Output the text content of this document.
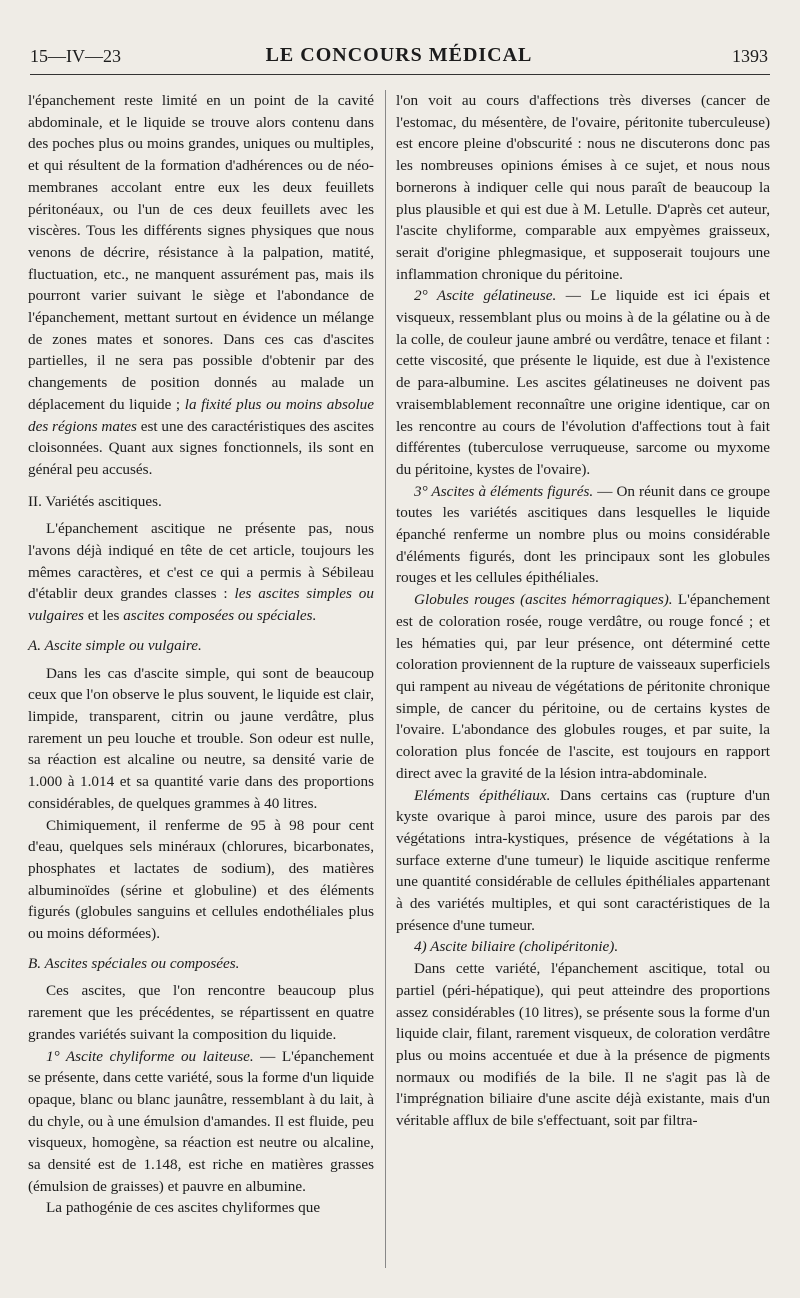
15—IV—23	LE CONCOURS MÉDICAL	1393

l'épanchement reste limité en un point de la cavité abdominale, et le liquide se trouve alors contenu dans des poches plus ou moins grandes, uniques ou multiples, et qui résultent de la formation d'adhérences ou de néo-membranes accolant entre eux les deux feuillets péritonéaux, ou l'un de ces deux feuillets avec les viscères. Tous les différents signes physiques que nous venons de décrire, résistance à la palpation, matité, fluctuation, etc., ne manquent assurément pas, mais ils pourront varier suivant le siège et l'abondance de l'épanchement, mettant surtout en évidence un mélange de zones mates et sonores. Dans ces cas d'ascites partielles, il ne sera pas possible d'obtenir par des changements de position donnés au malade un déplacement du liquide ; la fixité plus ou moins absolue des régions mates est une des caractéristiques des ascites cloisonnées. Quant aux signes fonctionnels, ils sont en général peu accusés.

II. Variétés ascitiques.

L'épanchement ascitique ne présente pas, nous l'avons déjà indiqué en tête de cet article, toujours les mêmes caractères, et c'est ce qui a permis à Sébileau d'établir deux grandes classes : les ascites simples ou vulgaires et les ascites composées ou spéciales.

A. Ascite simple ou vulgaire.

Dans les cas d'ascite simple, qui sont de beaucoup ceux que l'on observe le plus souvent, le liquide est clair, limpide, transparent, citrin ou jaune verdâtre, plus rarement un peu louche et trouble. Son odeur est nulle, sa réaction est alcaline ou neutre, sa densité varie de 1.000 à 1.014 et sa quantité varie dans des proportions considérables, de quelques grammes à 40 litres.

Chimiquement, il renferme de 95 à 98 pour cent d'eau, quelques sels minéraux (chlorures, bicarbonates, phosphates et lactates de sodium), des matières albuminoïdes (sérine et globuline) et des éléments figurés (globules sanguins et cellules endothéliales plus ou moins déformées).

B. Ascites spéciales ou composées.

Ces ascites, que l'on rencontre beaucoup plus rarement que les précédentes, se répartissent en quatre grandes variétés suivant la composition du liquide.

1° Ascite chyliforme ou laiteuse. — L'épanchement se présente, dans cette variété, sous la forme d'un liquide opaque, blanc ou blanc jaunâtre, ressemblant à du lait, à du chyle, ou à une émulsion d'amandes. Il est fluide, peu visqueux, homogène, sa réaction est neutre ou alcaline, sa densité est de 1.148, est riche en matières grasses (émulsion de graisses) et pauvre en albumine.

La pathogénie de ces ascites chyliformes que

l'on voit au cours d'affections très diverses (cancer de l'estomac, du mésentère, de l'ovaire, péritonite tuberculeuse) est encore pleine d'obscurité : nous ne discuterons donc pas les nombreuses opinions émises à ce sujet, et nous nous bornerons à indiquer celle qui nous paraît de beaucoup la plus plausible et qui est due à M. Letulle. D'après cet auteur, l'ascite chyliforme, comparable aux empyèmes graisseux, serait d'origine phlegmasique, et supposerait toujours une inflammation chronique du péritoine.

2° Ascite gélatineuse. — Le liquide est ici épais et visqueux, ressemblant plus ou moins à de la gélatine ou à de la colle, de couleur jaune ambré ou verdâtre, tenace et filant : cette viscosité, que présente le liquide, est due à l'existence de para-albumine. Les ascites gélatineuses ne doivent pas vraisemblablement reconnaître une origine identique, car on les rencontre au cours de l'évolution d'affections tout à fait différentes (tuberculose verruqueuse, sarcome ou myxome du péritoine, kystes de l'ovaire).

3° Ascites à éléments figurés. — On réunit dans ce groupe toutes les variétés ascitiques dans lesquelles le liquide épanché renferme un nombre plus ou moins considérable d'éléments figurés, dont les principaux sont les globules rouges et les cellules épithéliales.

Globules rouges (ascites hémorragiques). L'épanchement est de coloration rosée, rouge verdâtre, ou rouge foncé ; et les hématies qui, par leur présence, ont déterminé cette coloration proviennent de la rupture de vaisseaux superficiels qui rampent au niveau de végétations de péritonite chronique simple, de cancer du péritoine, ou de certains kystes de l'ovaire. L'abondance des globules rouges, et par suite, la coloration plus foncée de l'ascite, est toujours en rapport direct avec la gravité de la lésion intra-abdominale.

Eléments épithéliaux. Dans certains cas (rupture d'un kyste ovarique à paroi mince, usure des parois par des végétations intra-kystiques, présence de végétations à la surface externe d'une tumeur) le liquide ascitique renferme une quantité considérable de cellules épithéliales appartenant à des variétés multiples, et qui sont caractéristiques de la présence d'une tumeur.

4) Ascite biliaire (cholipéritonie).

Dans cette variété, l'épanchement ascitique, total ou partiel (péri-hépatique), qui peut atteindre des proportions assez considérables (10 litres), se présente sous la forme d'un liquide clair, filant, rarement visqueux, de coloration verdâtre plus ou moins accentuée et due à la présence de pigments normaux ou modifiés de la bile. Il ne s'agit pas là de l'imprégnation biliaire d'une ascite déjà existante, mais d'un véritable afflux de bile s'effectuant, soit par filtra-
